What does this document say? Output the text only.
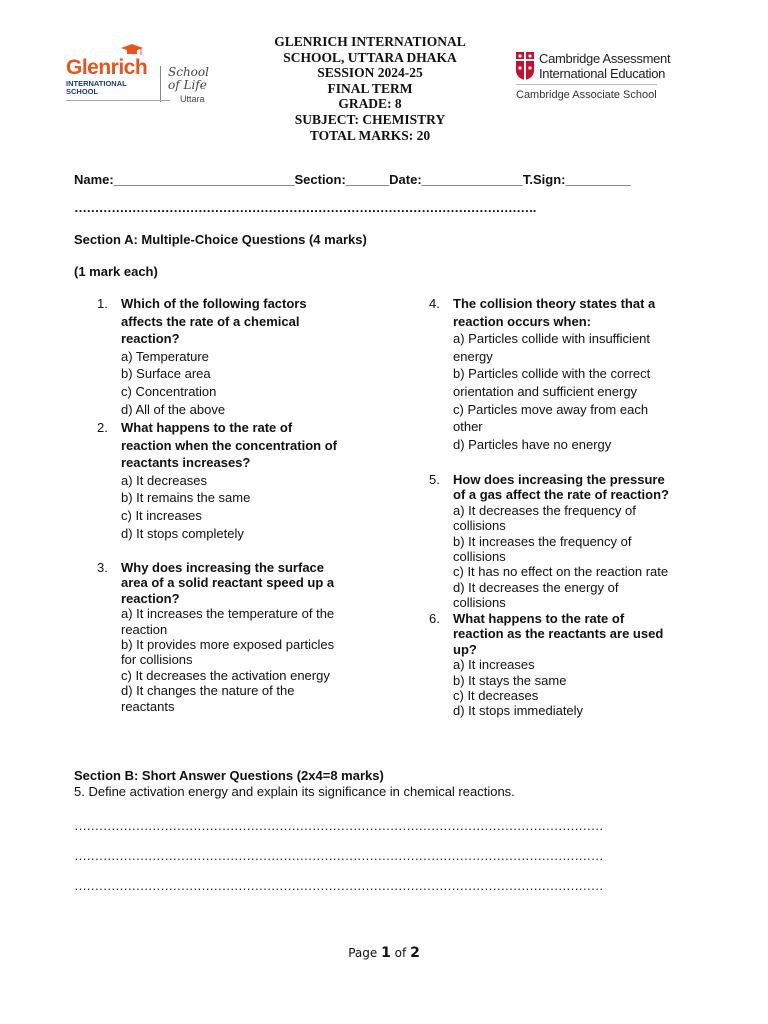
Glenrich
INTERNATIONAL SCHOOL
School
of Life
Uttara
GLENRICH INTERNATIONAL
SCHOOL, UTTARA DHAKA
SESSION 2024-25
FINAL TERM
GRADE: 8
SUBJECT: CHEMISTRY
TOTAL MARKS: 20
Cambridge Assessment
International Education
Cambridge Associate School
Name:_________________________Section:______Date:______________T.Sign:_________
………………………………………………………………………………………………….
Section A: Multiple-Choice Questions (4 marks)
(1 mark each)
1. Which of the following factors
affects the rate of a chemical
reaction?
a) Temperature
b) Surface area
c) Concentration
d) All of the above
2. What happens to the rate of
reaction when the concentration of
reactants increases?
a) It decreases
b) It remains the same
c) It increases
d) It stops completely
3. Why does increasing the surface
area of a solid reactant speed up a
reaction?
a) It increases the temperature of the
reaction
b) It provides more exposed particles
for collisions
c) It decreases the activation energy
d) It changes the nature of the
reactants
4. The collision theory states that a
reaction occurs when:
a) Particles collide with insufficient
energy
b) Particles collide with the correct
orientation and sufficient energy
c) Particles move away from each
other
d) Particles have no energy
5. How does increasing the pressure
of a gas affect the rate of reaction?
a) It decreases the frequency of
collisions
b) It increases the frequency of
collisions
c) It has no effect on the reaction rate
d) It decreases the energy of
collisions
6. What happens to the rate of
reaction as the reactants are used
up?
a) It increases
b) It stays the same
c) It decreases
d) It stops immediately
Section B: Short Answer Questions (2x4=8 marks)
5. Define activation energy and explain its significance in chemical reactions.
…………………………………………………………………………………………………………………
…………………………………………………………………………………………………………………
…………………………………………………………………………………………………………………
Page 1 of 2
